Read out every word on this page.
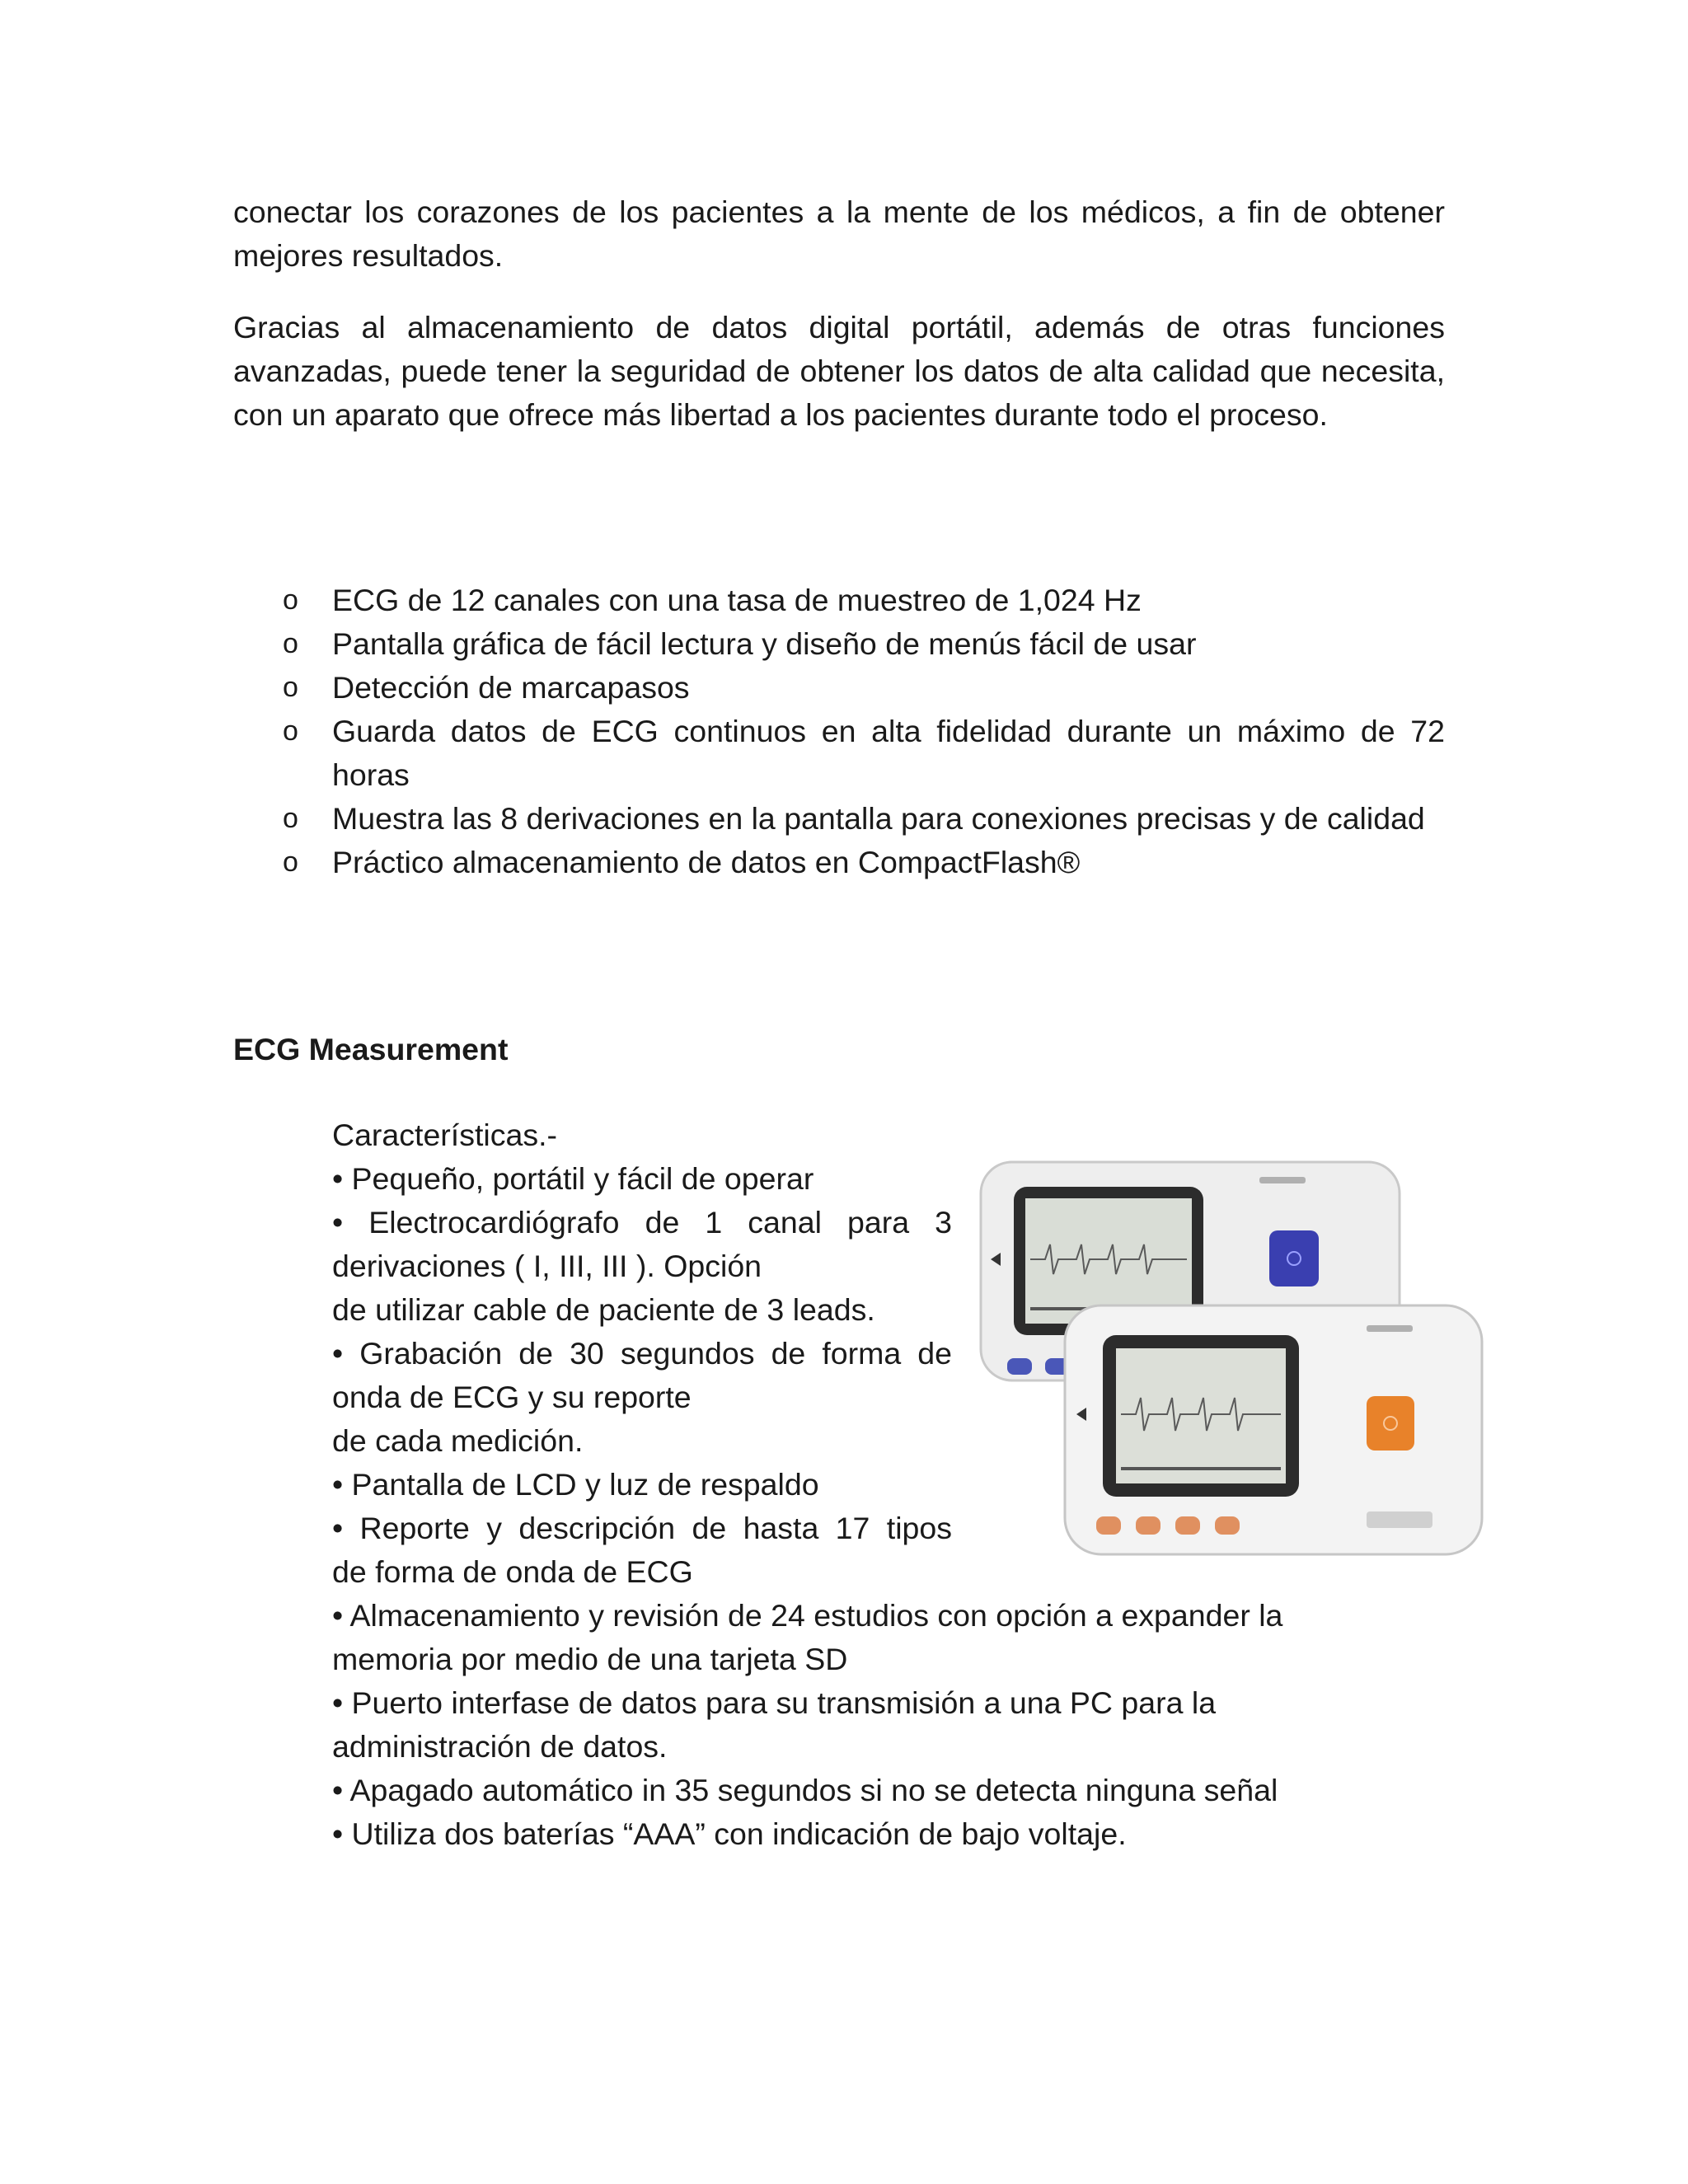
conectar los corazones de los pacientes a la mente de los médicos, a fin de obtener mejores resultados.

Gracias al almacenamiento de datos digital portátil, además de otras funciones avanzadas, puede tener la seguridad de obtener los datos de alta calidad que necesita, con un aparato que ofrece más libertad a los pacientes durante todo el proceso.

o ECG de 12 canales con una tasa de muestreo de 1,024 Hz
o Pantalla gráfica de fácil lectura y diseño de menús fácil de usar
o Detección de marcapasos
o Guarda datos de ECG continuos en alta fidelidad durante un máximo de 72 horas
o Muestra las 8 derivaciones en la pantalla para conexiones precisas y de calidad
o Práctico almacenamiento de datos en CompactFlash®
ECG Measurement
Características.-
• Pequeño, portátil y fácil de operar
• Electrocardiógrafo de 1 canal para 3
derivaciones ( I, III, III ). Opción
de utilizar cable de paciente de 3 leads.
• Grabación de 30 segundos de forma de
onda de ECG y su reporte
de cada medición.
• Pantalla de LCD y luz de respaldo
• Reporte y descripción de hasta 17 tipos
de forma de onda de ECG
• Almacenamiento y revisión de 24 estudios con opción a expander la
memoria por medio de una tarjeta SD
• Puerto interfase de datos para su transmisión a una PC para la
administración de datos.
• Apagado automático in 35 segundos si no se detecta ninguna señal
• Utiliza dos baterías “AAA” con indicación de bajo voltaje.
